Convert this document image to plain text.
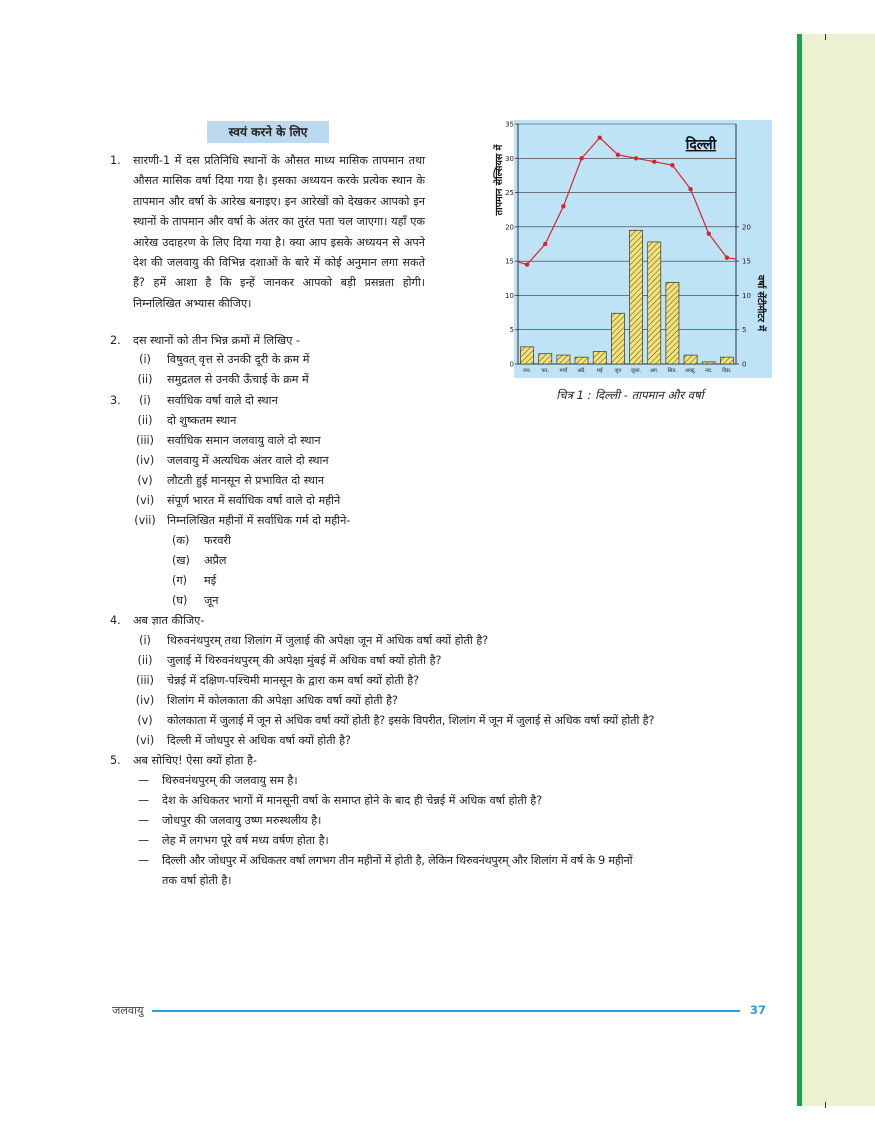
स्वयं करने के लिए
1. सारणी-1 में दस प्रतिनिधि स्थानों के औसत माध्य मासिक तापमान तथा औसत मासिक वर्षा दिया गया है। इसका अध्ययन करके प्रत्येक स्थान के तापमान और वर्षा के आरेख बनाइए। इन आरेखों को देखकर आपको इन स्थानों के तापमान और वर्षा के अंतर का तुरंत पता चल जाएगा। यहाँ एक आरेख उदाहरण के लिए दिया गया है। क्या आप इसके अध्ययन से अपने देश की जलवायु की विभिन्न दशाओं के बारे में कोई अनुमान लगा सकते हैं? हमें आशा है कि इन्हें जानकर आपको बड़ी प्रसन्नता होगी। निम्नलिखित अभ्यास कीजिए।
0
5
10
15
20
25
30
35
0
5
10
15
20
जन. फर. मार्च अप्रै. मई जून जुला. अग. सित. अक्टू. नव. दिस.
दिल्ली
तापमान सेल्सियस में
वर्षा सेंटीमीटर में
चित्र 1 : दिल्ली - तापमान और वर्षा
2. दस स्थानों को तीन भिन्न क्रमों में लिखिए -
(i)	विषुवत् वृत्त से उनकी दूरी के क्रम में
(ii)	समुद्रतल से उनकी ऊँचाई के क्रम में
3.	(i)	सर्वाधिक वर्षा वाले दो स्थान
(ii)	दो शुष्कतम स्थान
(iii)	सर्वाधिक समान जलवायु वाले दो स्थान
(iv)	जलवायु में अत्यधिक अंतर वाले दो स्थान
(v)	लौटती हुई मानसून से प्रभावित दो स्थान
(vi)	संपूर्ण भारत में सर्वाधिक वर्षा वाले दो महीने
(vii)	निम्नलिखित महीनों में सर्वाधिक गर्म दो महीने-
(क) फरवरी
(ख) अप्रैल
(ग) मई
(घ) जून
4. अब ज्ञात कीजिए-
(i)	थिरुवनंथपुरम् तथा शिलांग में जुलाई की अपेक्षा जून में अधिक वर्षा क्यों होती है?
(ii)	जुलाई में थिरुवनंथपुरम् की अपेक्षा मुंबई में अधिक वर्षा क्यों होती है?
(iii)	चेन्नई में दक्षिण-पश्चिमी मानसून के द्वारा कम वर्षा क्यों होती है?
(iv)	शिलांग में कोलकाता की अपेक्षा अधिक वर्षा क्यों होती है?
(v)	कोलकाता में जुलाई में जून से अधिक वर्षा क्यों होती है? इसके विपरीत, शिलांग में जून में जुलाई से अधिक वर्षा क्यों होती है?
(vi)	दिल्ली में जोधपुर से अधिक वर्षा क्यों होती है?
5. अब सोचिए! ऐसा क्यों होता है-
— थिरुवनंथपुरम् की जलवायु सम है।
— देश के अधिकतर भागों में मानसूनी वर्षा के समाप्त होने के बाद ही चेन्नई में अधिक वर्षा होती है?
— जोधपुर की जलवायु उष्ण मरुस्थलीय है।
— लेह में लगभग पूरे वर्ष मध्य वर्षण होता है।
— दिल्ली और जोधपुर में अधिकतर वर्षा लगभग तीन महीनों में होती है, लेकिन थिरुवनंथपुरम् और शिलांग में वर्ष के 9 महीनों
तक वर्षा होती है।
जलवायु	37
